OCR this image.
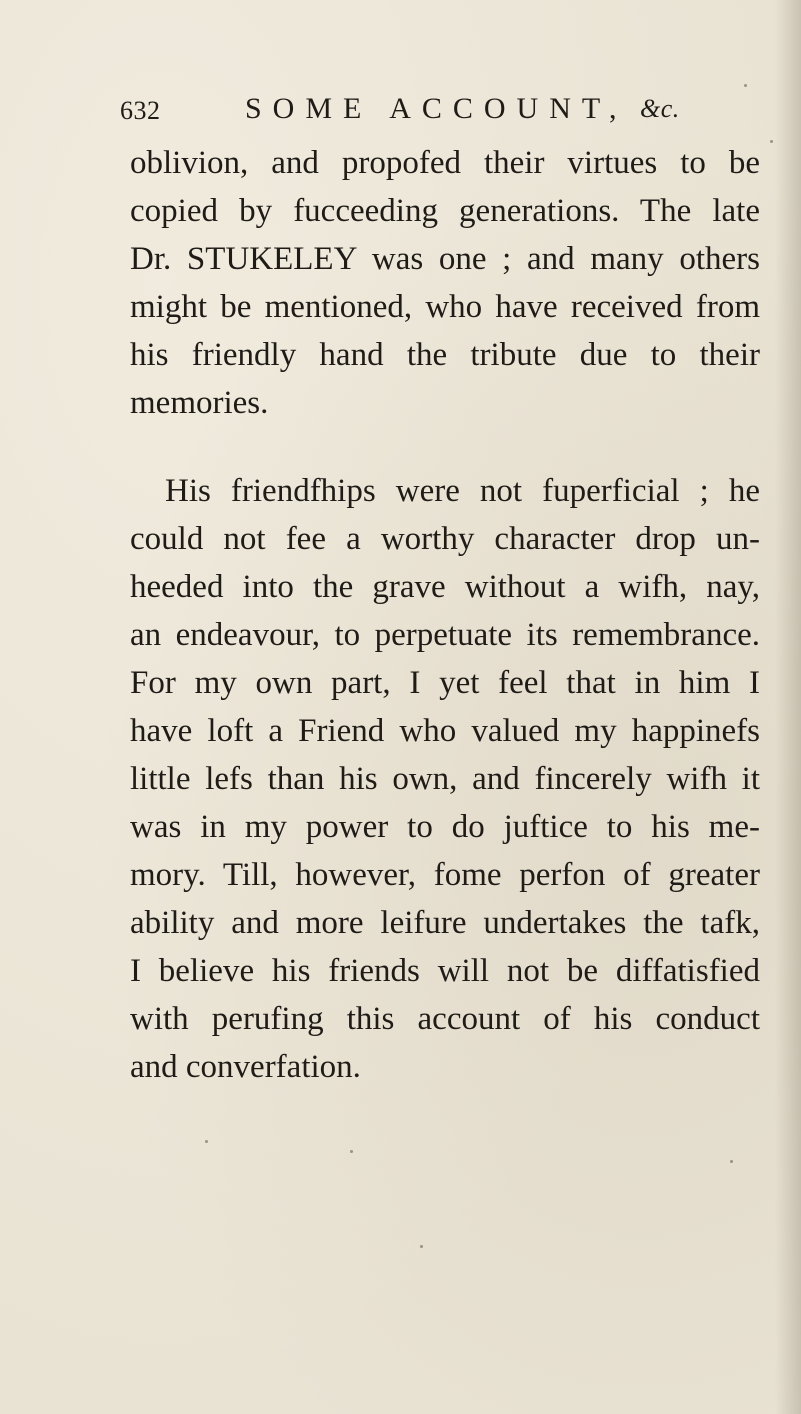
632	SOME ACCOUNT, &c.
oblivion, and propofed their virtues to be
copied by fucceeding generations. The late
Dr. STUKELEY was one ; and many others
might be mentioned, who have received from
his friendly hand the tribute due to their
memories.
His friendfhips were not fuperficial ; he
could not fee a worthy character drop un-
heeded into the grave without a wifh, nay,
an endeavour, to perpetuate its remembrance.
For my own part, I yet feel that in him I
have loft a Friend who valued my happinefs
little lefs than his own, and fincerely wifh it
was in my power to do juftice to his me-
mory. Till, however, fome perfon of greater
ability and more leifure undertakes the tafk,
I believe his friends will not be diffatisfied
with perufing this account of his conduct
and converfation.
